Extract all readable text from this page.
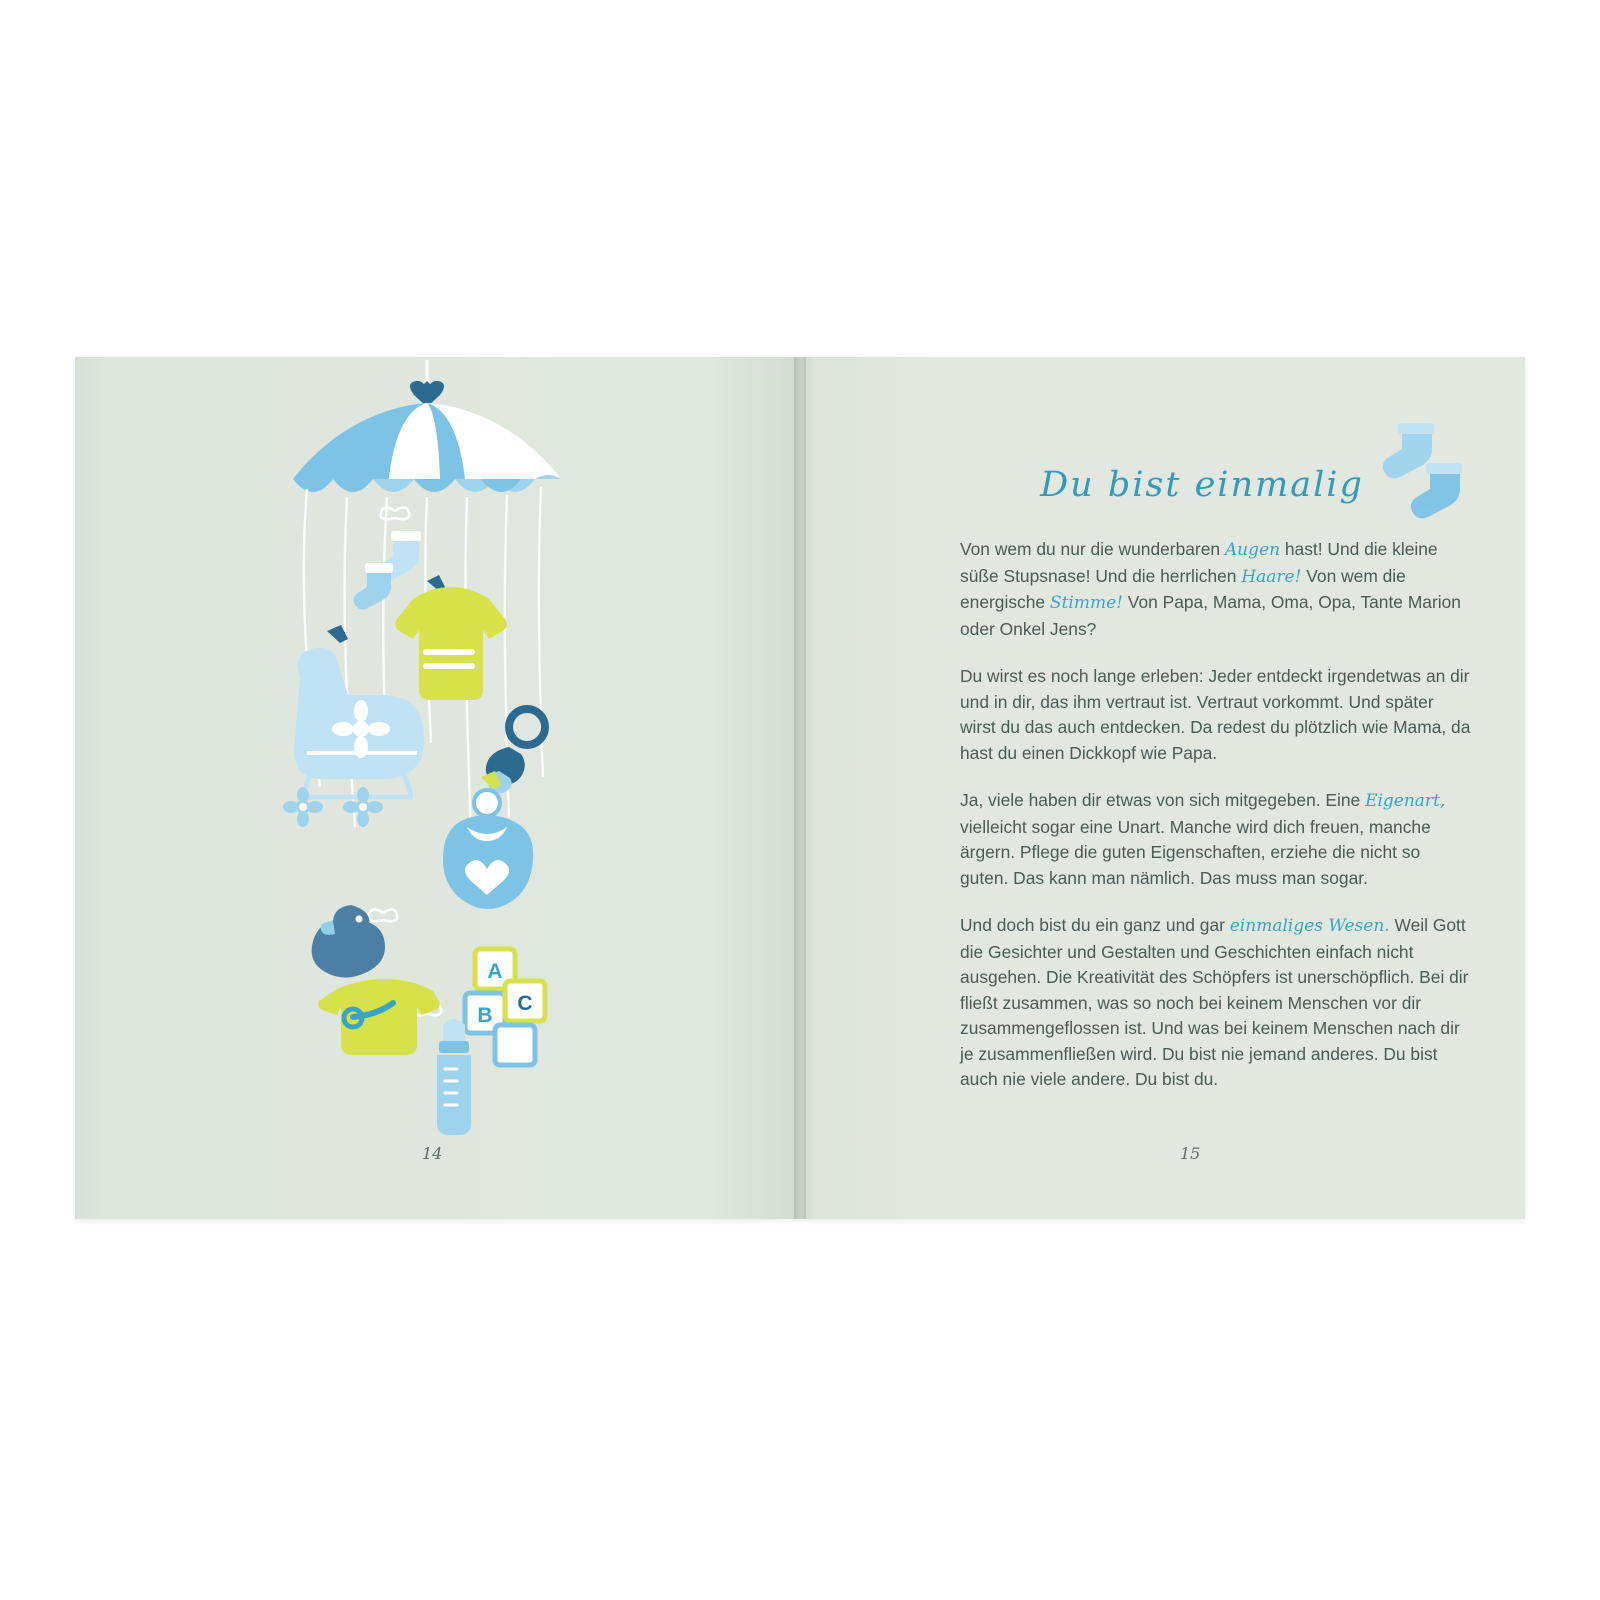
A
B
C
14
Du bist einmalig

Von wem du nur die wunderbaren Augen hast! Und die kleine süße Stupsnase! Und die herrlichen Haare! Von wem die energische Stimme! Von Papa, Mama, Oma, Opa, Tante Marion oder Onkel Jens?

Du wirst es noch lange erleben: Jeder entdeckt irgendetwas an dir und in dir, das ihm vertraut ist. Vertraut vorkommt. Und später wirst du das auch entdecken. Da redest du plötzlich wie Mama, da hast du einen Dickkopf wie Papa.

Ja, viele haben dir etwas von sich mitgegeben. Eine Eigenart, vielleicht sogar eine Unart. Manche wird dich freuen, manche ärgern. Pflege die guten Eigenschaften, erziehe die nicht so guten. Das kann man nämlich. Das muss man sogar.

Und doch bist du ein ganz und gar einmaliges Wesen. Weil Gott die Gesichter und Gestalten und Geschichten einfach nicht ausgehen. Die Kreativität des Schöpfers ist unerschöpflich. Bei dir fließt zusammen, was so noch bei keinem Menschen vor dir zusammengeflossen ist. Und was bei keinem Menschen nach dir je zusammenfließen wird. Du bist nie jemand anderes. Du bist auch nie viele andere. Du bist du.

15
